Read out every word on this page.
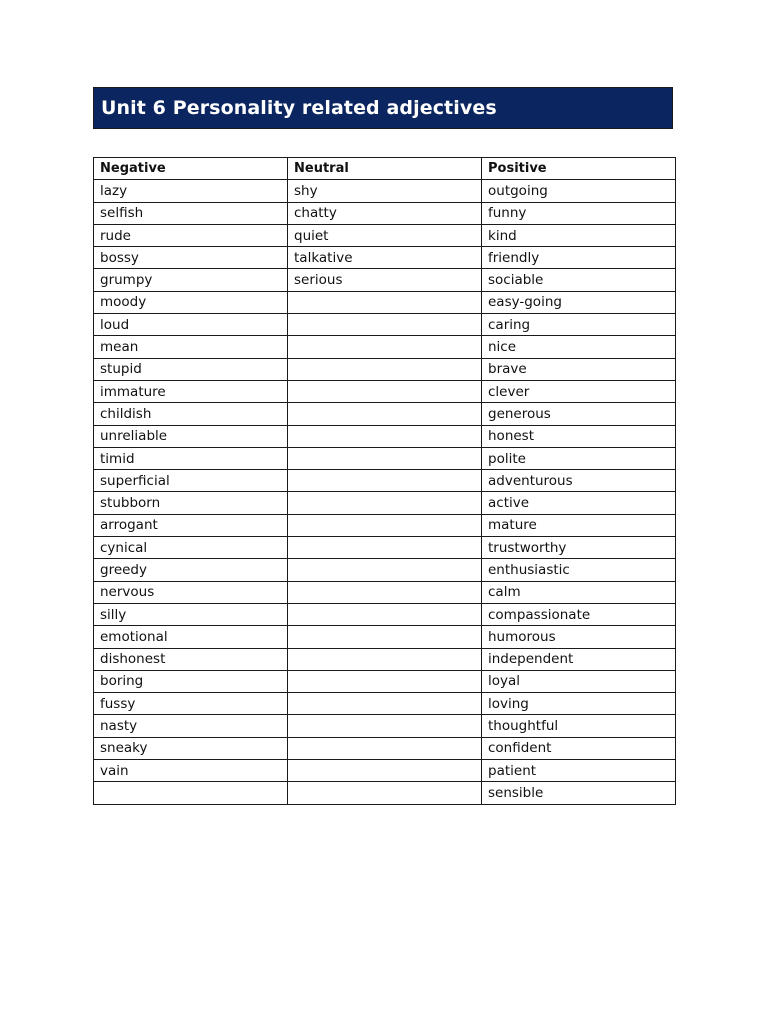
Unit 6 Personality related adjectives
Negative	Neutral	Positive
lazy	shy	outgoing
selfish	chatty	funny
rude	quiet	kind
bossy	talkative	friendly
grumpy	serious	sociable
moody		easy-going
loud		caring
mean		nice
stupid		brave
immature		clever
childish		generous
unreliable		honest
timid		polite
superficial		adventurous
stubborn		active
arrogant		mature
cynical		trustworthy
greedy		enthusiastic
nervous		calm
silly		compassionate
emotional		humorous
dishonest		independent
boring		loyal
fussy		loving
nasty		thoughtful
sneaky		confident
vain		patient
		sensible
